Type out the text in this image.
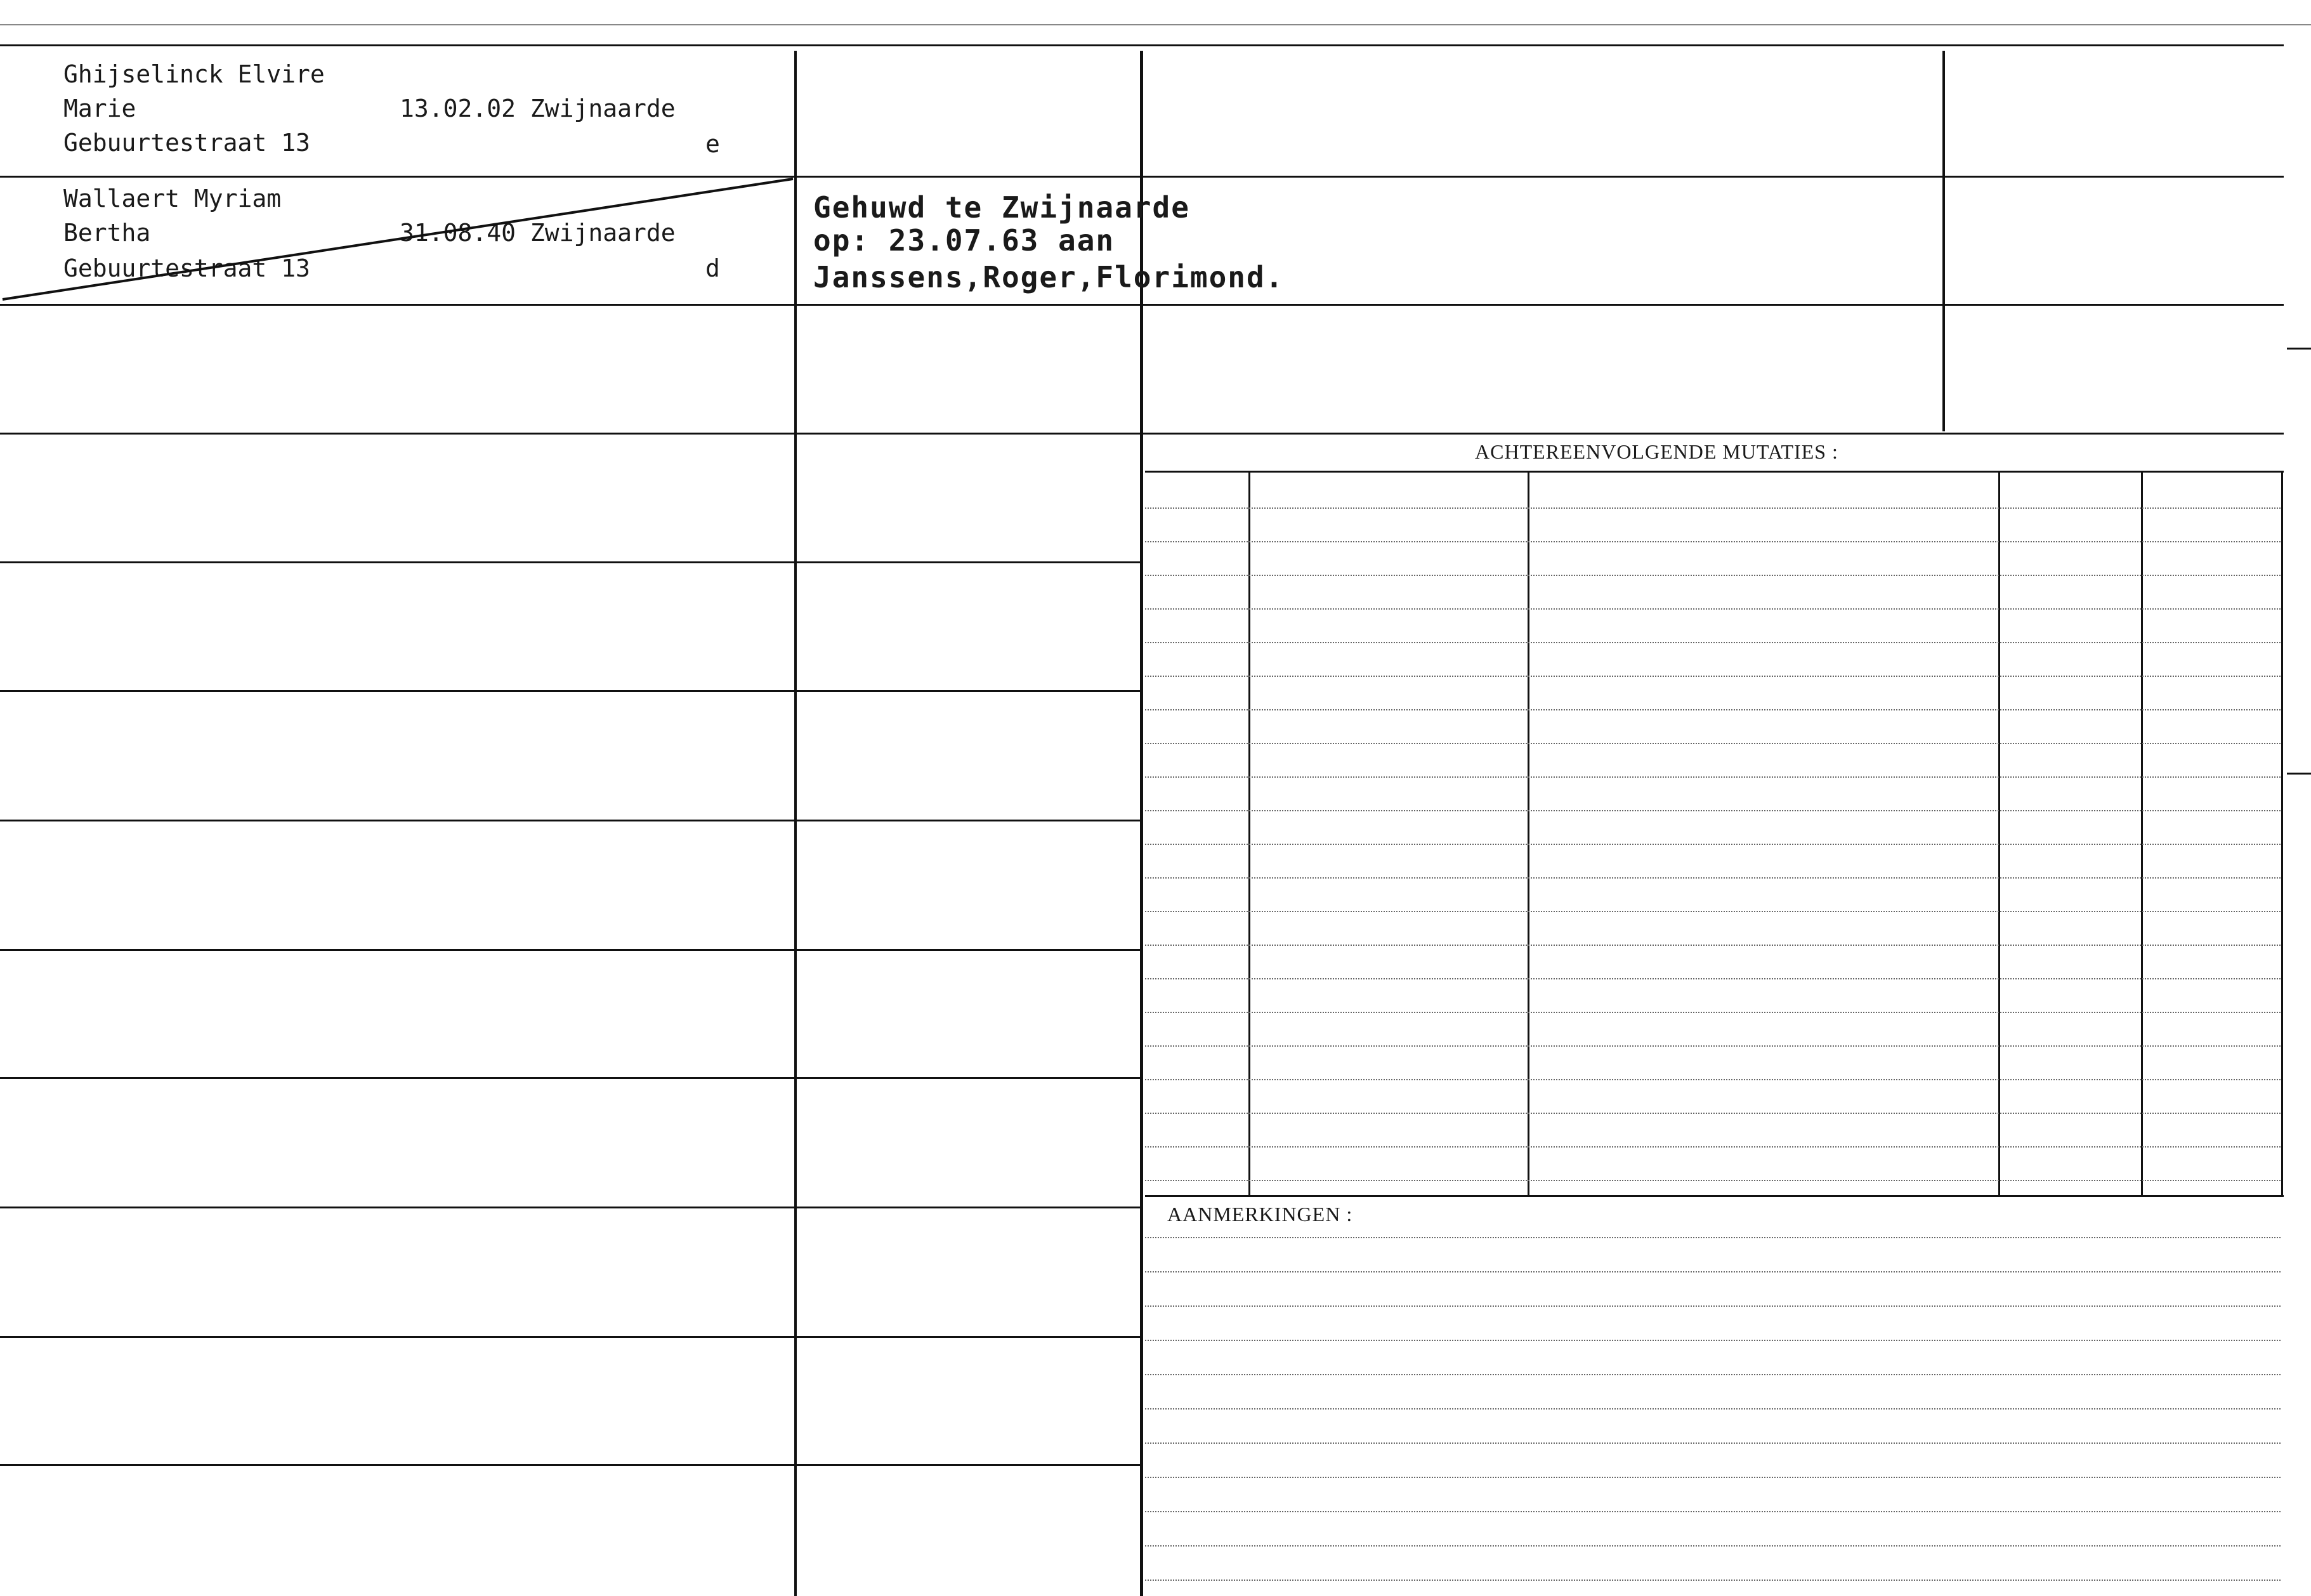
Ghijselinck Elvire
Marie	13.02.02 Zwijnaarde
Gebuurtestraat 13	e
Wallaert Myriam
Bertha	31.08.40 Zwijnaarde
Gebuurtestraat 13	d
Gehuwd te Zwijnaarde
op: 23.07.63 aan
Janssens,Roger,Florimond.
ACHTEREENVOLGENDE MUTATIES :
AANMERKINGEN :
